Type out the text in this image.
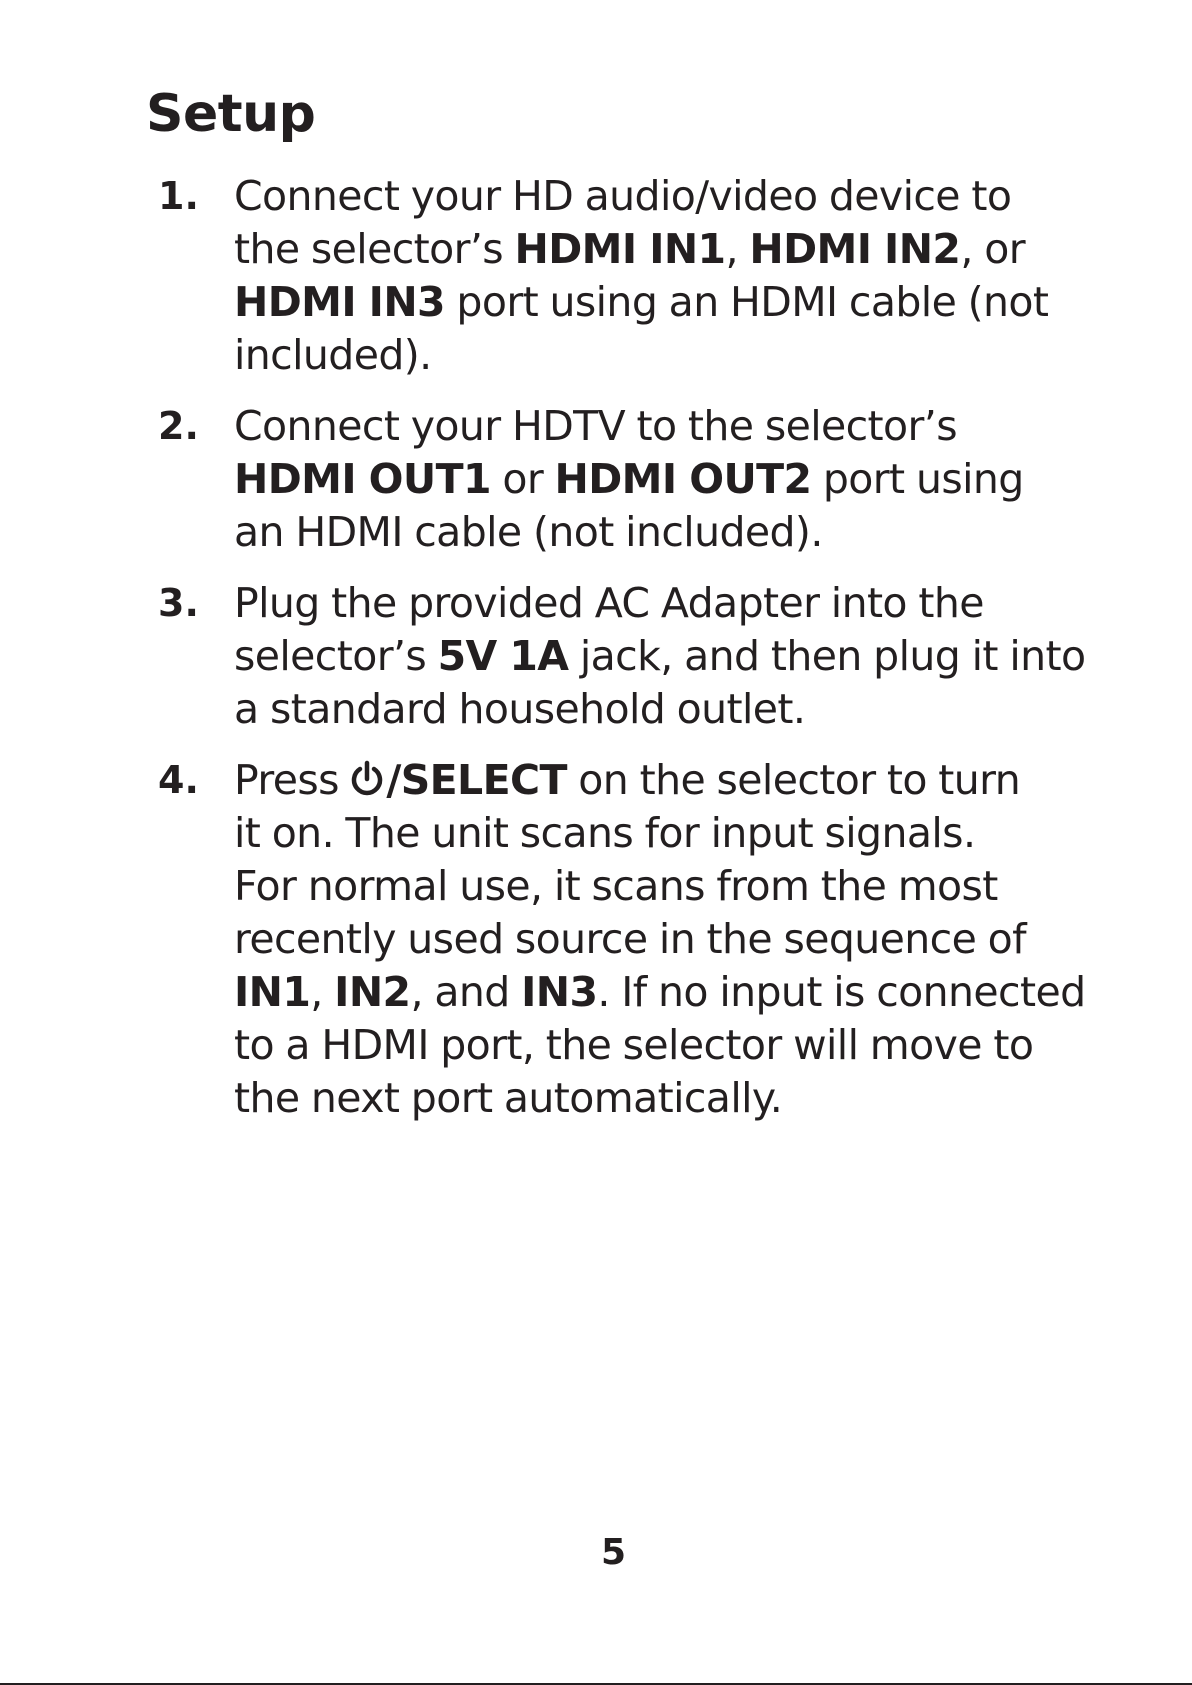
Setup
1. Connect your HD audio/video device to
the selector’s HDMI IN1, HDMI IN2, or
HDMI IN3 port using an HDMI cable (not
included).
2. Connect your HDTV to the selector’s
HDMI OUT1 or HDMI OUT2 port using
an HDMI cable (not included).
3. Plug the provided AC Adapter into the
selector’s 5V 1A jack, and then plug it into
a standard household outlet.
4. Press /SELECT on the selector to turn
it on. The unit scans for input signals.
For normal use, it scans from the most
recently used source in the sequence of
IN1, IN2, and IN3. If no input is connected
to a HDMI port, the selector will move to
the next port automatically.

5
